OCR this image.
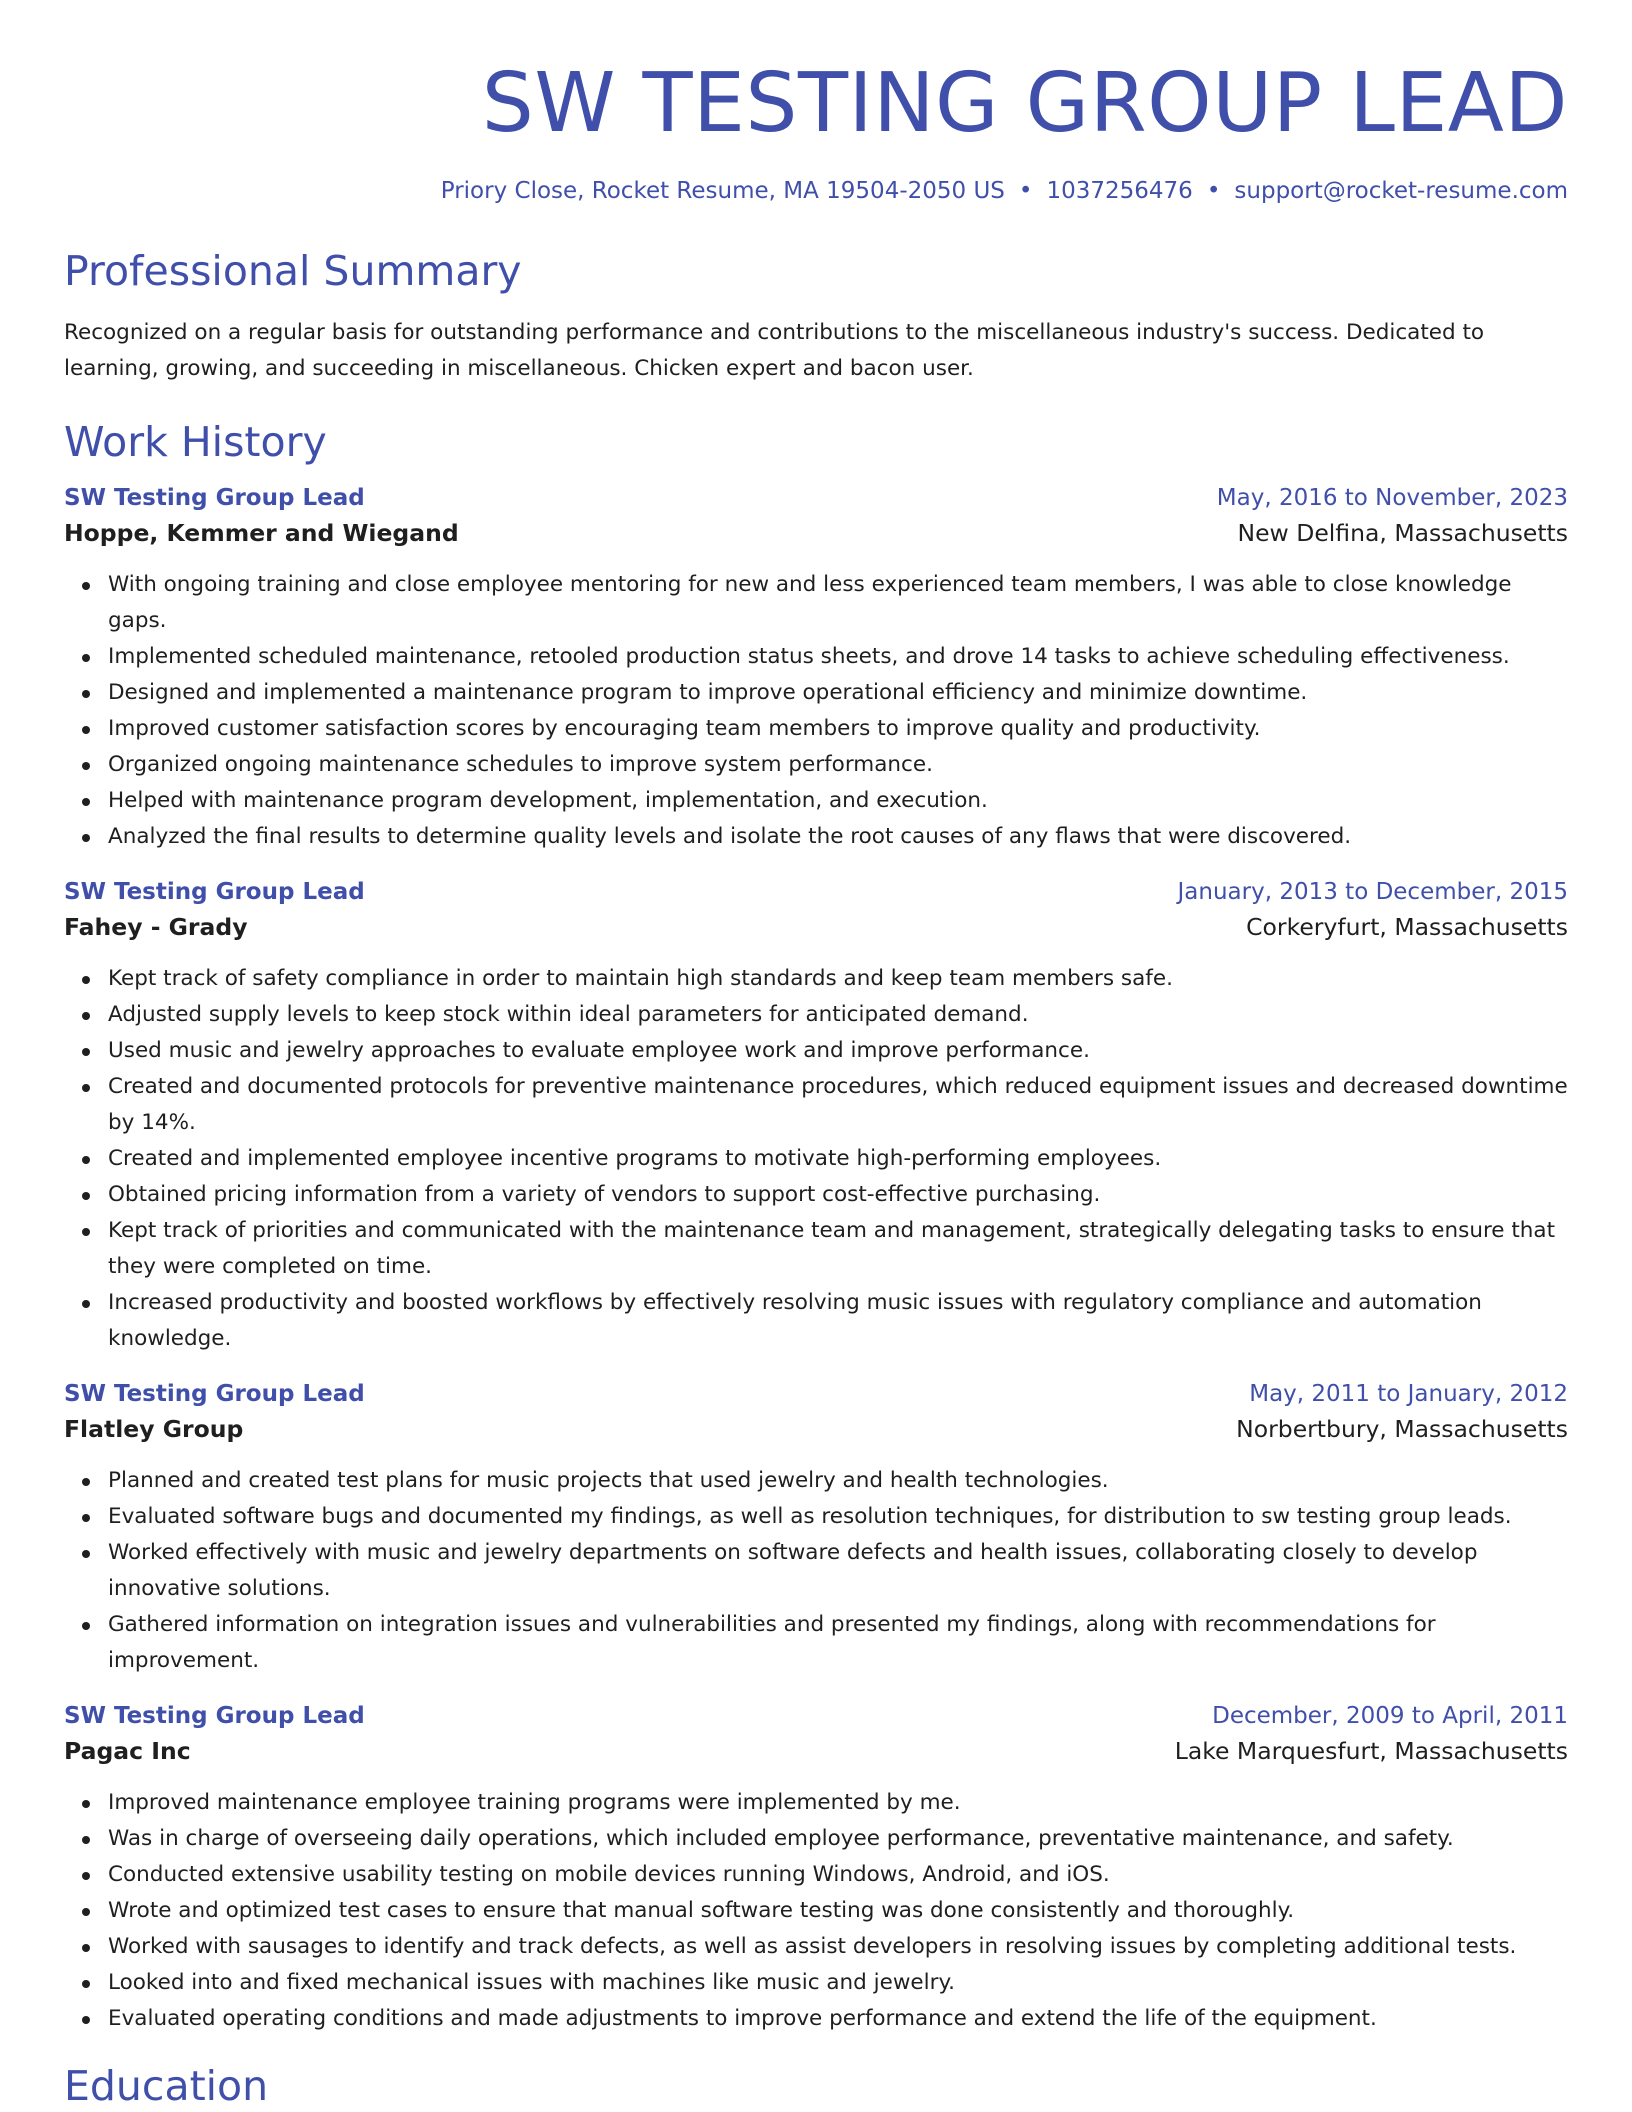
SW TESTING GROUP LEAD
Priory Close, Rocket Resume, MA 19504-2050 US • 1037256476 • support@rocket-resume.com
Professional Summary

Recognized on a regular basis for outstanding performance and contributions to the miscellaneous industry's success. Dedicated to learning, growing, and succeeding in miscellaneous. Chicken expert and bacon user.

Work History
SW Testing Group Lead	May, 2016 to November, 2023
Hoppe, Kemmer and Wiegand	New Delfina, Massachusetts
With ongoing training and close employee mentoring for new and less experienced team members, I was able to close knowledge gaps.
Implemented scheduled maintenance, retooled production status sheets, and drove 14 tasks to achieve scheduling effectiveness.
Designed and implemented a maintenance program to improve operational efficiency and minimize downtime.
Improved customer satisfaction scores by encouraging team members to improve quality and productivity.
Organized ongoing maintenance schedules to improve system performance.
Helped with maintenance program development, implementation, and execution.
Analyzed the final results to determine quality levels and isolate the root causes of any flaws that were discovered.
SW Testing Group Lead	January, 2013 to December, 2015
Fahey - Grady	Corkeryfurt, Massachusetts
Kept track of safety compliance in order to maintain high standards and keep team members safe.
Adjusted supply levels to keep stock within ideal parameters for anticipated demand.
Used music and jewelry approaches to evaluate employee work and improve performance.
Created and documented protocols for preventive maintenance procedures, which reduced equipment issues and decreased downtime by 14%.
Created and implemented employee incentive programs to motivate high-performing employees.
Obtained pricing information from a variety of vendors to support cost-effective purchasing.
Kept track of priorities and communicated with the maintenance team and management, strategically delegating tasks to ensure that they were completed on time.
Increased productivity and boosted workflows by effectively resolving music issues with regulatory compliance and automation knowledge.
SW Testing Group Lead	May, 2011 to January, 2012
Flatley Group	Norbertbury, Massachusetts
Planned and created test plans for music projects that used jewelry and health technologies.
Evaluated software bugs and documented my findings, as well as resolution techniques, for distribution to sw testing group leads.
Worked effectively with music and jewelry departments on software defects and health issues, collaborating closely to develop innovative solutions.
Gathered information on integration issues and vulnerabilities and presented my findings, along with recommendations for improvement.
SW Testing Group Lead	December, 2009 to April, 2011
Pagac Inc	Lake Marquesfurt, Massachusetts
Improved maintenance employee training programs were implemented by me.
Was in charge of overseeing daily operations, which included employee performance, preventative maintenance, and safety.
Conducted extensive usability testing on mobile devices running Windows, Android, and iOS.
Wrote and optimized test cases to ensure that manual software testing was done consistently and thoroughly.
Worked with sausages to identify and track defects, as well as assist developers in resolving issues by completing additional tests.
Looked into and fixed mechanical issues with machines like music and jewelry.
Evaluated operating conditions and made adjustments to improve performance and extend the life of the equipment.
Education
